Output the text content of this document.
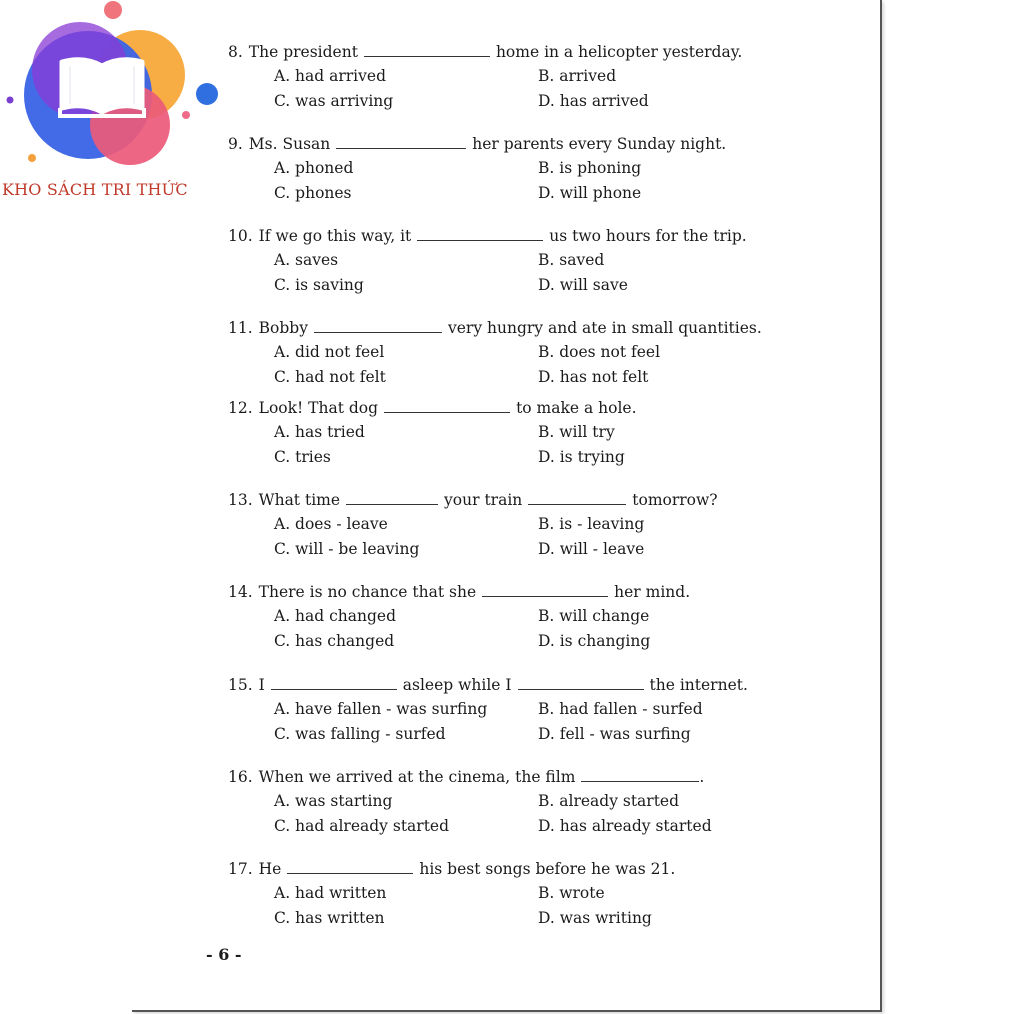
KHO SÁCH TRI THỨC
8. The president	home in a helicopter yesterday.
A. had arrived	B. arrived
C. was arriving	D. has arrived
9. Ms. Susan	her parents every Sunday night.
A. phoned	B. is phoning
C. phones	D. will phone
10. If we go this way, it	us two hours for the trip.
A. saves	B. saved
C. is saving	D. will save
11. Bobby	very hungry and ate in small quantities.
A. did not feel	B. does not feel
C. had not felt	D. has not felt
12. Look! That dog	to make a hole.
A. has tried	B. will try
C. tries	D. is trying
13. What time	your train	tomorrow?
A. does - leave	B. is - leaving
C. will - be leaving	D. will - leave
14. There is no chance that she	her mind.
A. had changed	B. will change
C. has changed	D. is changing
15. I	asleep while I	the internet.
A. have fallen - was surfing	B. had fallen - surfed
C. was falling - surfed	D. fell - was surfing
16. When we arrived at the cinema, the film	.
A. was starting	B. already started
C. had already started	D. has already started
17. He	his best songs before he was 21.
A. had written	B. wrote
C. has written	D. was writing
- 6 -
